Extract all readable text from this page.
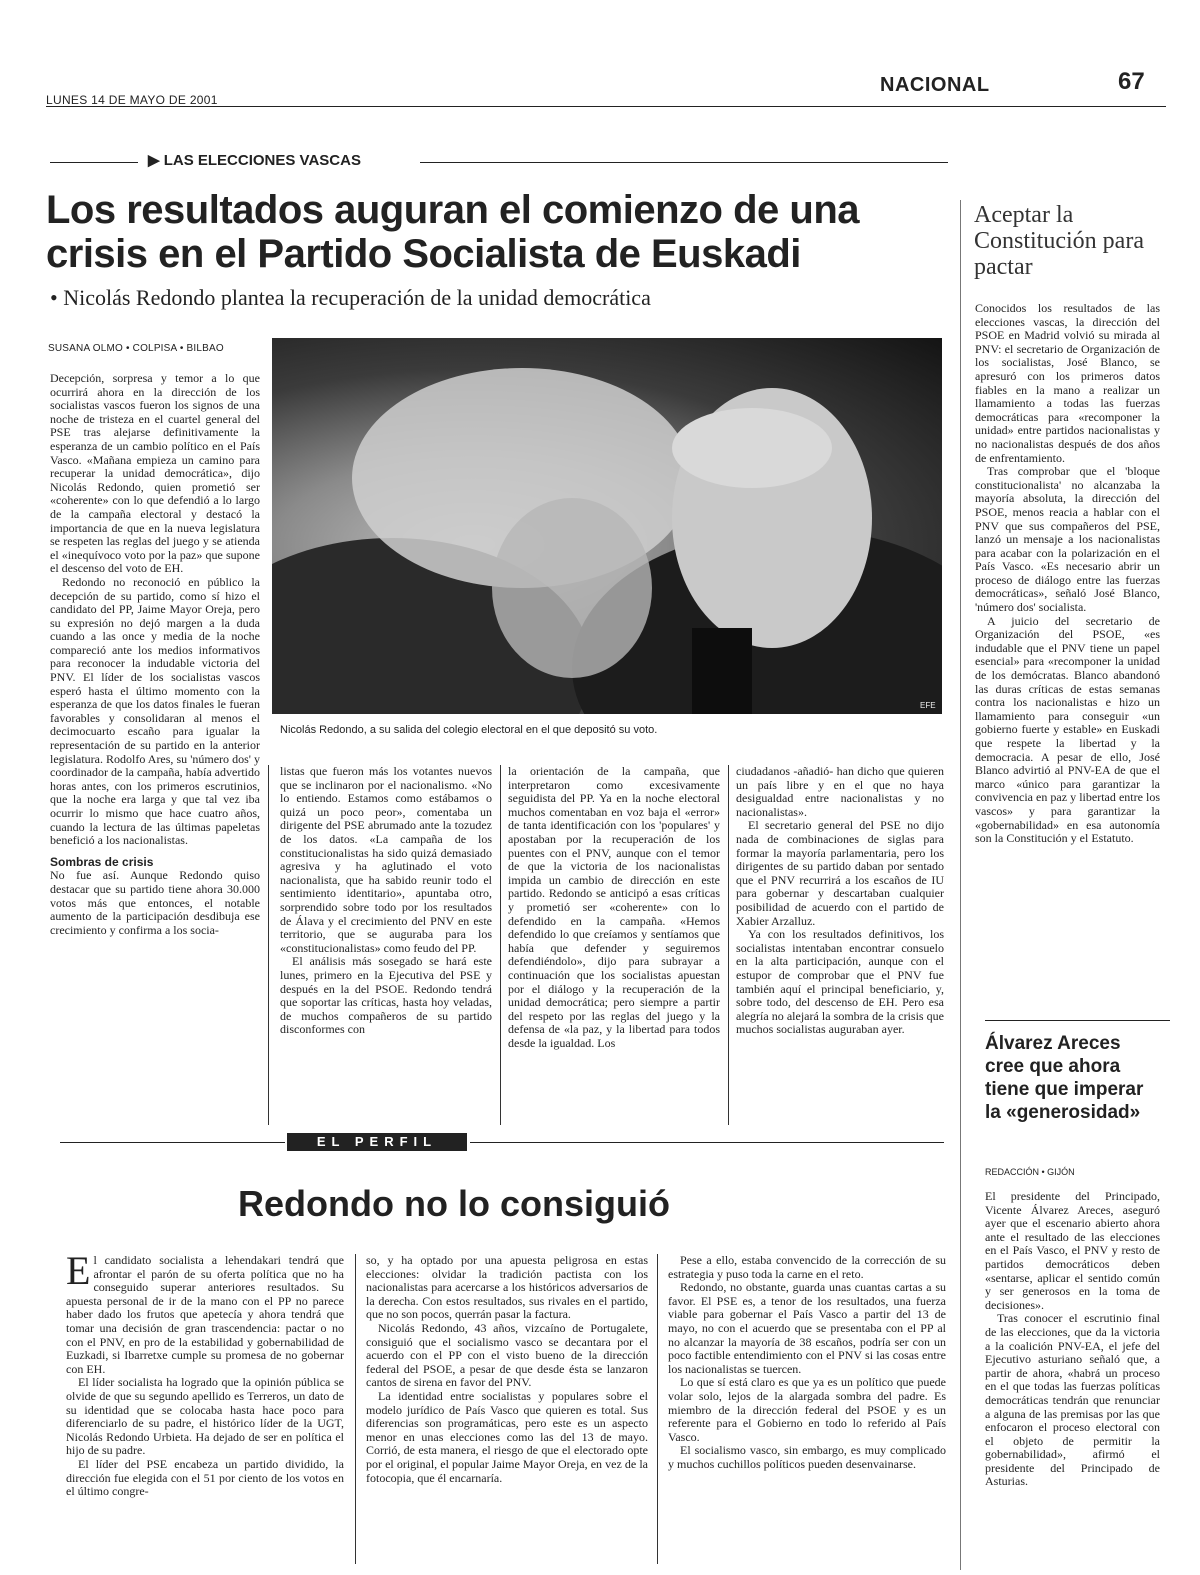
LUNES 14 DE MAYO DE 2001
NACIONAL	67
▶ LAS ELECCIONES VASCAS
Los resultados auguran el comienzo de una
crisis en el Partido Socialista de Euskadi
• Nicolás Redondo plantea la recuperación de la unidad democrática
SUSANA OLMO • COLPISA • BILBAO
EFE
Nicolás Redondo, a su salida del colegio electoral en el que depositó su voto.

Decepción, sorpresa y temor a lo que ocurrirá ahora en la dirección de los socialistas vascos fueron los signos de una noche de tristeza en el cuartel general del PSE tras alejarse definitivamente la esperanza de un cambio político en el País Vasco. «Mañana empieza un camino para recuperar la unidad democrática», dijo Nicolás Redondo, quien prometió ser «coherente» con lo que defendió a lo largo de la campaña electoral y destacó la importancia de que en la nueva legislatura se respeten las reglas del juego y se atienda el «inequívoco voto por la paz» que supone el descenso del voto de EH.

Redondo no reconoció en público la decepción de su partido, como sí hizo el candidato del PP, Jaime Mayor Oreja, pero su expresión no dejó margen a la duda cuando a las once y media de la noche compareció ante los medios informativos para reconocer la indudable victoria del PNV. El líder de los socialistas vascos esperó hasta el último momento con la esperanza de que los datos finales le fueran favorables y consolidaran al menos el decimocuarto escaño para igualar la representación de su partido en la anterior legislatura. Rodolfo Ares, su 'número dos' y coordinador de la campaña, había advertido horas antes, con los primeros escrutinios, que la noche era larga y que tal vez iba ocurrir lo mismo que hace cuatro años, cuando la lectura de las últimas papeletas benefició a los nacionalistas.

Sombras de crisis

No fue así. Aunque Redondo quiso destacar que su partido tiene ahora 30.000 votos más que entonces, el notable aumento de la participación desdibuja ese crecimiento y confirma a los socia-

listas que fueron más los votantes nuevos que se inclinaron por el nacionalismo. «No lo entiendo. Estamos como estábamos o quizá un poco peor», comentaba un dirigente del PSE abrumado ante la tozudez de los datos. «La campaña de los constitucionalistas ha sido quizá demasiado agresiva y ha aglutinado el voto nacionalista, que ha sabido reunir todo el sentimiento identitario», apuntaba otro, sorprendido sobre todo por los resultados de Álava y el crecimiento del PNV en este territorio, que se auguraba para los «constitucionalistas» como feudo del PP.

El análisis más sosegado se hará este lunes, primero en la Ejecutiva del PSE y después en la del PSOE. Redondo tendrá que soportar las críticas, hasta hoy veladas, de muchos compañeros de su partido disconformes con

la orientación de la campaña, que interpretaron como excesivamente seguidista del PP. Ya en la noche electoral muchos comentaban en voz baja el «error» de tanta identificación con los 'populares' y apostaban por la recuperación de los puentes con el PNV, aunque con el temor de que la victoria de los nacionalistas impida un cambio de dirección en este partido. Redondo se anticipó a esas críticas y prometió ser «coherente» con lo defendido en la campaña. «Hemos defendido lo que creíamos y sentíamos que había que defender y seguiremos defendiéndolo», dijo para subrayar a continuación que los socialistas apuestan por el diálogo y la recuperación de la unidad democrática; pero siempre a partir del respeto por las reglas del juego y la defensa de «la paz, y la libertad para todos desde la igualdad. Los

ciudadanos -añadió- han dicho que quieren un país libre y en el que no haya desigualdad entre nacionalistas y no nacionalistas».

El secretario general del PSE no dijo nada de combinaciones de siglas para formar la mayoría parlamentaria, pero los dirigentes de su partido daban por sentado que el PNV recurrirá a los escaños de IU para gobernar y descartaban cualquier posibilidad de acuerdo con el partido de Xabier Arzalluz.

Ya con los resultados definitivos, los socialistas intentaban encontrar consuelo en la alta participación, aunque con el estupor de comprobar que el PNV fue también aquí el principal beneficiario, y, sobre todo, del descenso de EH. Pero esa alegría no alejará la sombra de la crisis que muchos socialistas auguraban ayer.

Aceptar la Constitución para pactar

Conocidos los resultados de las elecciones vascas, la dirección del PSOE en Madrid volvió su mirada al PNV: el secretario de Organización de los socialistas, José Blanco, se apresuró con los primeros datos fiables en la mano a realizar un llamamiento a todas las fuerzas democráticas para «recomponer la unidad» entre partidos nacionalistas y no nacionalistas después de dos años de enfrentamiento.

Tras comprobar que el 'bloque constitucionalista' no alcanzaba la mayoría absoluta, la dirección del PSOE, menos reacia a hablar con el PNV que sus compañeros del PSE, lanzó un mensaje a los nacionalistas para acabar con la polarización en el País Vasco. «Es necesario abrir un proceso de diálogo entre las fuerzas democráticas», señaló José Blanco, 'número dos' socialista.

A juicio del secretario de Organización del PSOE, «es indudable que el PNV tiene un papel esencial» para «recomponer la unidad de los demócratas. Blanco abandonó las duras críticas de estas semanas contra los nacionalistas e hizo un llamamiento para conseguir «un gobierno fuerte y estable» en Euskadi que respete la libertad y la democracia. A pesar de ello, José Blanco advirtió al PNV-EA de que el marco «único para garantizar la convivencia en paz y libertad entre los vascos» y para garantizar la «gobernabilidad» en esa autonomía son la Constitución y el Estatuto.

Álvarez Areces cree que ahora tiene que imperar la «generosidad»
REDACCIÓN • GIJÓN

El presidente del Principado, Vicente Álvarez Areces, aseguró ayer que el escenario abierto ahora ante el resultado de las elecciones en el País Vasco, el PNV y resto de partidos democráticos deben «sentarse, aplicar el sentido común y ser generosos en la toma de decisiones».

Tras conocer el escrutinio final de las elecciones, que da la victoria a la coalición PNV-EA, el jefe del Ejecutivo asturiano señaló que, a partir de ahora, «habrá un proceso en el que todas las fuerzas políticas democráticas tendrán que renunciar a alguna de las premisas por las que enfocaron el proceso electoral con el objeto de permitir la gobernabilidad», afirmó el presidente del Principado de Asturias.

EL PERFIL
Redondo no lo consiguió
E l candidato socialista a lehendakari tendrá que afrontar el parón de su oferta política que no ha conseguido superar anteriores resultados. Su apuesta personal de ir de la mano con el PP no parece haber dado los frutos que apetecía y ahora tendrá que tomar una decisión de gran trascendencia: pactar o no con el PNV, en pro de la estabilidad y gobernabilidad de Euzkadi, si Ibarretxe cumple su promesa de no gobernar con EH.

El líder socialista ha logrado que la opinión pública se olvide de que su segundo apellido es Terreros, un dato de su identidad que se colocaba hasta hace poco para diferenciarlo de su padre, el histórico líder de la UGT, Nicolás Redondo Urbieta. Ha dejado de ser en política el hijo de su padre.

El líder del PSE encabeza un partido dividido, la dirección fue elegida con el 51 por ciento de los votos en el último congre-

so, y ha optado por una apuesta peligrosa en estas elecciones: olvidar la tradición pactista con los nacionalistas para acercarse a los históricos adversarios de la derecha. Con estos resultados, sus rivales en el partido, que no son pocos, querrán pasar la factura.

Nicolás Redondo, 43 años, vizcaíno de Portugalete, consiguió que el socialismo vasco se decantara por el acuerdo con el PP con el visto bueno de la dirección federal del PSOE, a pesar de que desde ésta se lanzaron cantos de sirena en favor del PNV.

La identidad entre socialistas y populares sobre el modelo jurídico de País Vasco que quieren es total. Sus diferencias son programáticas, pero este es un aspecto menor en unas elecciones como las del 13 de mayo. Corrió, de esta manera, el riesgo de que el electorado opte por el original, el popular Jaime Mayor Oreja, en vez de la fotocopia, que él encarnaría.

Pese a ello, estaba convencido de la corrección de su estrategia y puso toda la carne en el reto.

Redondo, no obstante, guarda unas cuantas cartas a su favor. El PSE es, a tenor de los resultados, una fuerza viable para gobernar el País Vasco a partir del 13 de mayo, no con el acuerdo que se presentaba con el PP al no alcanzar la mayoría de 38 escaños, podría ser con un poco factible entendimiento con el PNV si las cosas entre los nacionalistas se tuercen.

Lo que sí está claro es que ya es un político que puede volar solo, lejos de la alargada sombra del padre. Es miembro de la dirección federal del PSOE y es un referente para el Gobierno en todo lo referido al País Vasco.

El socialismo vasco, sin embargo, es muy complicado y muchos cuchillos políticos pueden desenvainarse.
